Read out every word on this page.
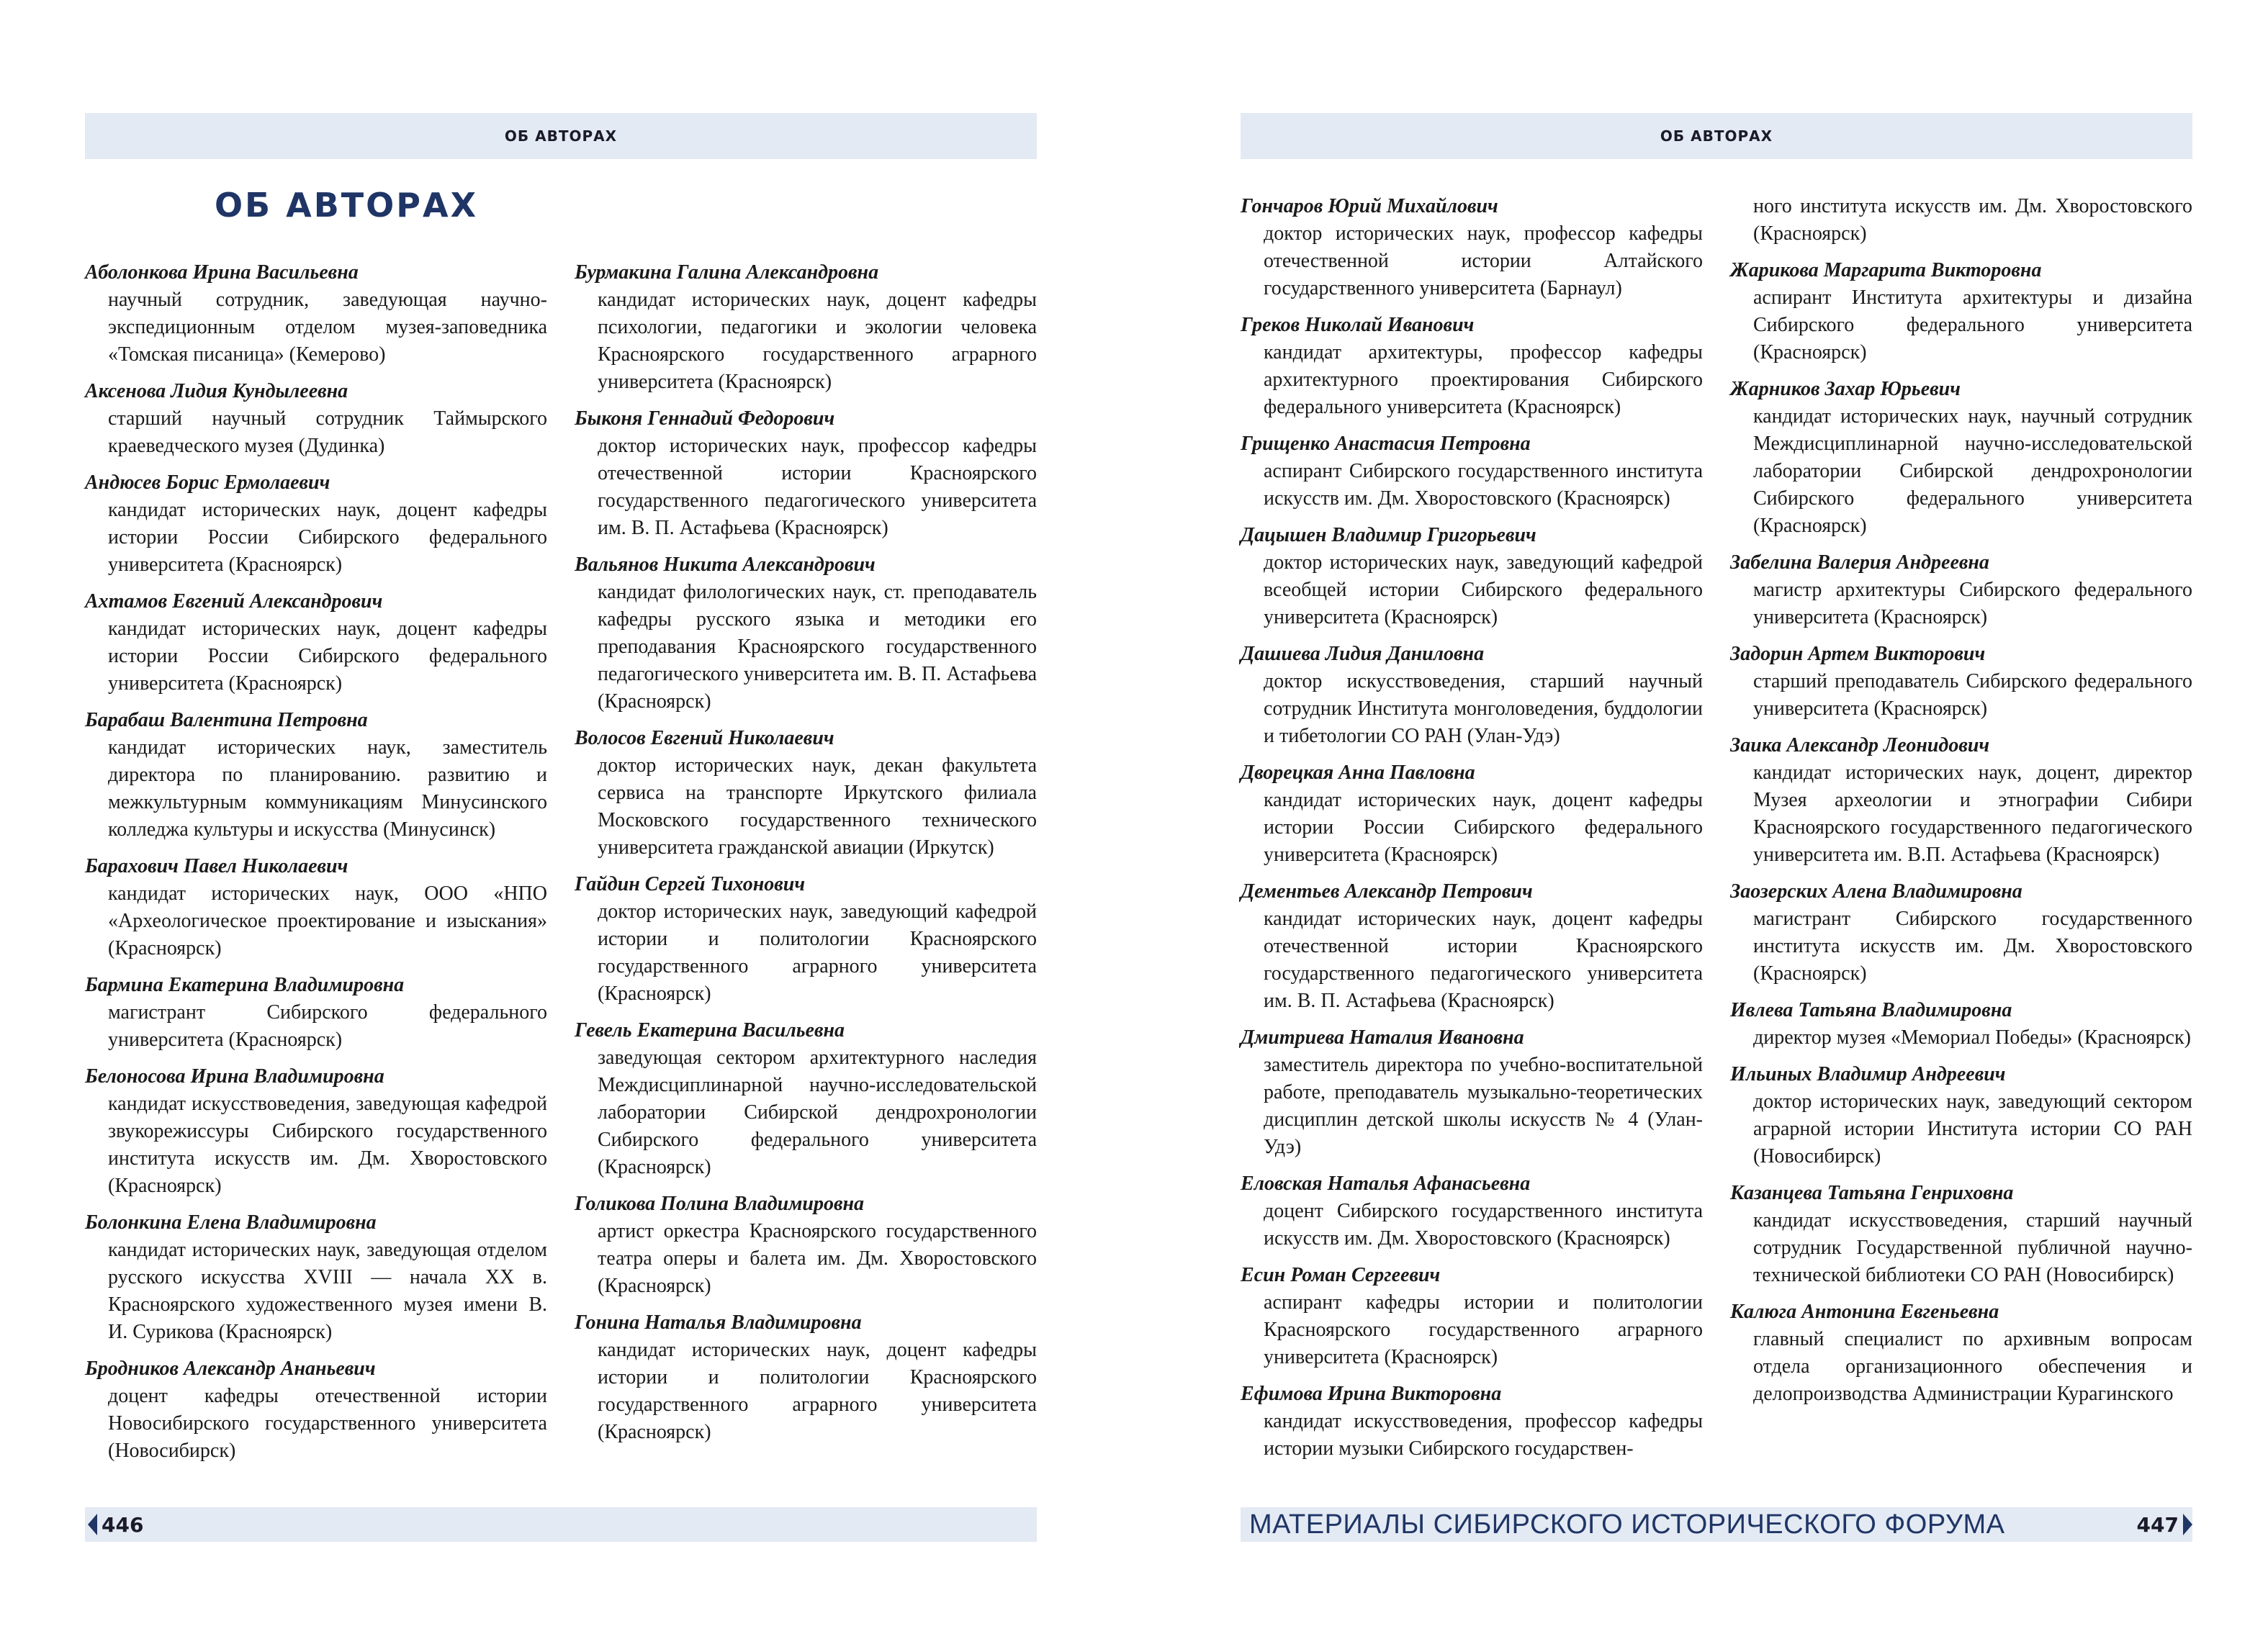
ОБ АВТОРАХ
ОБ АВТОРАХ
Аболонкова Ирина Васильевна
научный сотрудник, заведующая научно-экспедиционным отделом музея-заповедника «Томская писаница» (Кемерово)
Аксенова Лидия Кундылеевна
старший научный сотрудник Таймырского краеведческого музея (Дудинка)
Андюсев Борис Ермолаевич
кандидат исторических наук, доцент кафедры истории России Сибирского федерального университета (Красноярск)
Ахтамов Евгений Александрович
кандидат исторических наук, доцент кафедры истории России Сибирского федерального университета (Красноярск)
Барабаш Валентина Петровна
кандидат исторических наук, заместитель директора по планированию. развитию и межкультурным коммуникациям Минусинского колледжа культуры и искусства (Минусинск)
Барахович Павел Николаевич
кандидат исторических наук, ООО «НПО «Археологическое проектирование и изыскания» (Красноярск)
Бармина Екатерина Владимировна
магистрант Сибирского федерального университета (Красноярск)
Белоносова Ирина Владимировна
кандидат искусствоведения, заведующая кафедрой звукорежиссуры Сибирского государственного института искусств им. Дм. Хворостовского (Красноярск)
Болонкина Елена Владимировна
кандидат исторических наук, заведующая отделом русского искусства XVIII — начала XX в. Красноярского художественного музея имени В. И. Сурикова (Красноярск)
Бродников Александр Ананьевич
доцент кафедры отечественной истории Новосибирского государственного университета (Новосибирск)
Бурмакина Галина Александровна
кандидат исторических наук, доцент кафедры психологии, педагогики и экологии человека Красноярского государственного аграрного университета (Красноярск)
Быконя Геннадий Федорович
доктор исторических наук, профессор кафедры отечественной истории Красноярского государственного педагогического университета им. В. П. Астафьева (Красноярск)
Вальянов Никита Александрович
кандидат филологических наук, ст. преподаватель кафедры русского языка и методики его преподавания Красноярского государственного педагогического университета им. В. П. Астафьева (Красноярск)
Волосов Евгений Николаевич
доктор исторических наук, декан факультета сервиса на транспорте Иркутского филиала Московского государственного технического университета гражданской авиации (Иркутск)
Гайдин Сергей Тихонович
доктор исторических наук, заведующий кафедрой истории и политологии Красноярского государственного аграрного университета (Красноярск)
Гевель Екатерина Васильевна
заведующая сектором архитектурного наследия Междисциплинарной научно-исследовательской лаборатории Сибирской дендрохронологии Сибирского федерального университета (Красноярск)
Голикова Полина Владимировна
артист оркестра Красноярского государственного театра оперы и балета им. Дм. Хворостовского (Красноярск)
Гонина Наталья Владимировна
кандидат исторических наук, доцент кафедры истории и политологии Красноярского государственного аграрного университета (Красноярск)
446
ОБ АВТОРАХ
Гончаров Юрий Михайлович
доктор исторических наук, профессор кафедры отечественной истории Алтайского государственного университета (Барнаул)
Греков Николай Иванович
кандидат архитектуры, профессор кафедры архитектурного проектирования Сибирского федерального университета (Красноярск)
Грищенко Анастасия Петровна
аспирант Сибирского государственного института искусств им. Дм. Хворостовского (Красноярск)
Дацышен Владимир Григорьевич
доктор исторических наук, заведующий кафедрой всеобщей истории Сибирского федерального университета (Красноярск)
Дашиева Лидия Даниловна
доктор искусствоведения, старший научный сотрудник Института монголоведения, буддологии и тибетологии СО РАН (Улан-Удэ)
Дворецкая Анна Павловна
кандидат исторических наук, доцент кафедры истории России Сибирского федерального университета (Красноярск)
Дементьев Александр Петрович
кандидат исторических наук, доцент кафедры отечественной истории Красноярского государственного педагогического университета им. В. П. Астафьева (Красноярск)
Дмитриева Наталия Ивановна
заместитель директора по учебно-воспитательной работе, преподаватель музыкально-теоретических дисциплин детской школы искусств № 4 (Улан-Удэ)
Еловская Наталья Афанасьевна
доцент Сибирского государственного института искусств им. Дм. Хворостовского (Красноярск)
Есин Роман Сергеевич
аспирант кафедры истории и политологии Красноярского государственного аграрного университета (Красноярск)
Ефимова Ирина Викторовна
кандидат искусствоведения, профессор кафедры истории музыки Сибирского государствен-
ного института искусств им. Дм. Хворостовского (Красноярск)
Жарикова Маргарита Викторовна
аспирант Института архитектуры и дизайна Сибирского федерального университета (Красноярск)
Жарников Захар Юрьевич
кандидат исторических наук, научный сотрудник Междисциплинарной научно-исследовательской лаборатории Сибирской дендрохронологии Сибирского федерального университета (Красноярск)
Забелина Валерия Андреевна
магистр архитектуры Сибирского федерального университета (Красноярск)
Задорин Артем Викторович
старший преподаватель Сибирского федерального университета (Красноярск)
Заика Александр Леонидович
кандидат исторических наук, доцент, директор Музея археологии и этнографии Сибири Красноярского государственного педагогического университета им. В.П. Астафьева (Красноярск)
Заозерских Алена Владимировна
магистрант Сибирского государственного института искусств им. Дм. Хворостовского (Красноярск)
Ивлева Татьяна Владимировна
директор музея «Мемориал Победы» (Красноярск)
Ильиных Владимир Андреевич
доктор исторических наук, заведующий сектором аграрной истории Института истории СО РАН (Новосибирск)
Казанцева Татьяна Генриховна
кандидат искусствоведения, старший научный сотрудник Государственной публичной научно-технической библиотеки СО РАН (Новосибирск)
Калюга Антонина Евгеньевна
главный специалист по архивным вопросам отдела организационного обеспечения и делопроизводства Администрации Курагинского
МАТЕРИАЛЫ СИБИРСКОГО ИСТОРИЧЕСКОГО ФОРУМА	447
